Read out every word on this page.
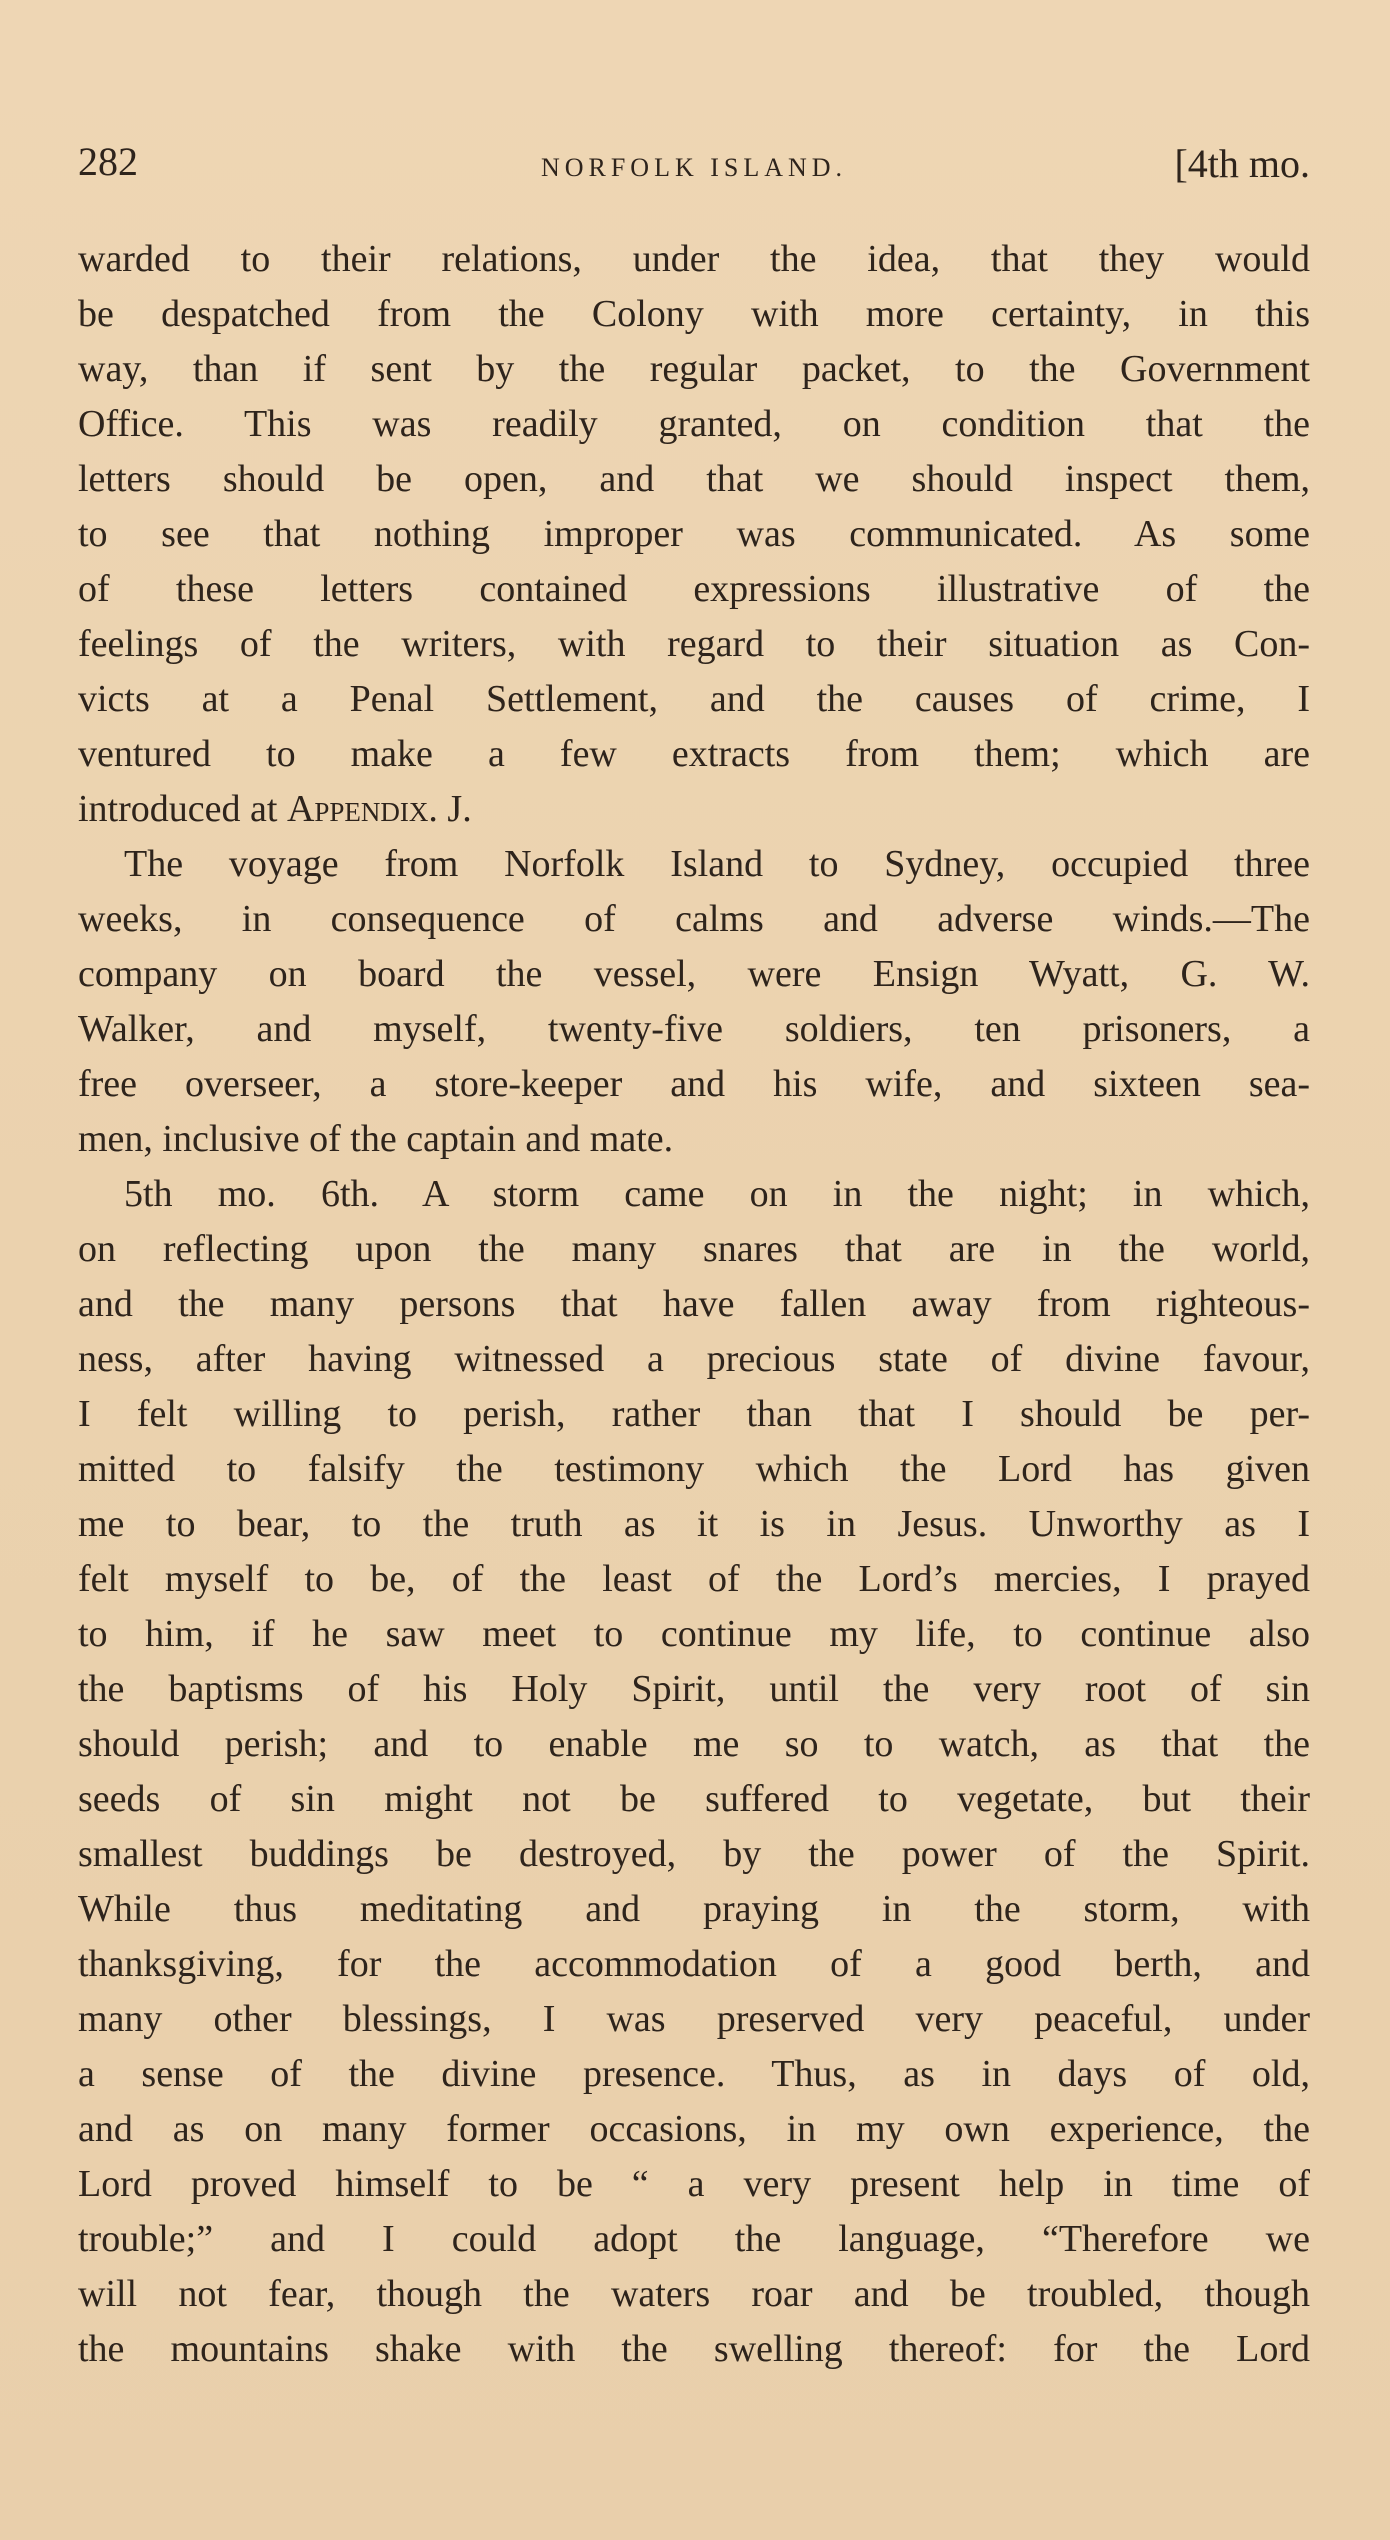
282	NORFOLK ISLAND.	[4th mo.
warded to their relations, under the idea, that they would
be despatched from the Colony with more certainty, in this
way, than if sent by the regular packet, to the Government
Office. This was readily granted, on condition that the
letters should be open, and that we should inspect them,
to see that nothing improper was communicated. As some
of these letters contained expressions illustrative of the
feelings of the writers, with regard to their situation as Con-
victs at a Penal Settlement, and the causes of crime, I
ventured to make a few extracts from them; which are
introduced at Appendix. J.
The voyage from Norfolk Island to Sydney, occupied three
weeks, in consequence of calms and adverse winds.—The
company on board the vessel, were Ensign Wyatt, G. W.
Walker, and myself, twenty-five soldiers, ten prisoners, a
free overseer, a store-keeper and his wife, and sixteen sea-
men, inclusive of the captain and mate.
5th mo. 6th. A storm came on in the night; in which,
on reflecting upon the many snares that are in the world,
and the many persons that have fallen away from righteous-
ness, after having witnessed a precious state of divine favour,
I felt willing to perish, rather than that I should be per-
mitted to falsify the testimony which the Lord has given
me to bear, to the truth as it is in Jesus. Unworthy as I
felt myself to be, of the least of the Lord’s mercies, I prayed
to him, if he saw meet to continue my life, to continue also
the baptisms of his Holy Spirit, until the very root of sin
should perish; and to enable me so to watch, as that the
seeds of sin might not be suffered to vegetate, but their
smallest buddings be destroyed, by the power of the Spirit.
While thus meditating and praying in the storm, with
thanksgiving, for the accommodation of a good berth, and
many other blessings, I was preserved very peaceful, under
a sense of the divine presence. Thus, as in days of old,
and as on many former occasions, in my own experience, the
Lord proved himself to be “ a very present help in time of
trouble;” and I could adopt the language, “Therefore we
will not fear, though the waters roar and be troubled, though
the mountains shake with the swelling thereof: for the Lord
